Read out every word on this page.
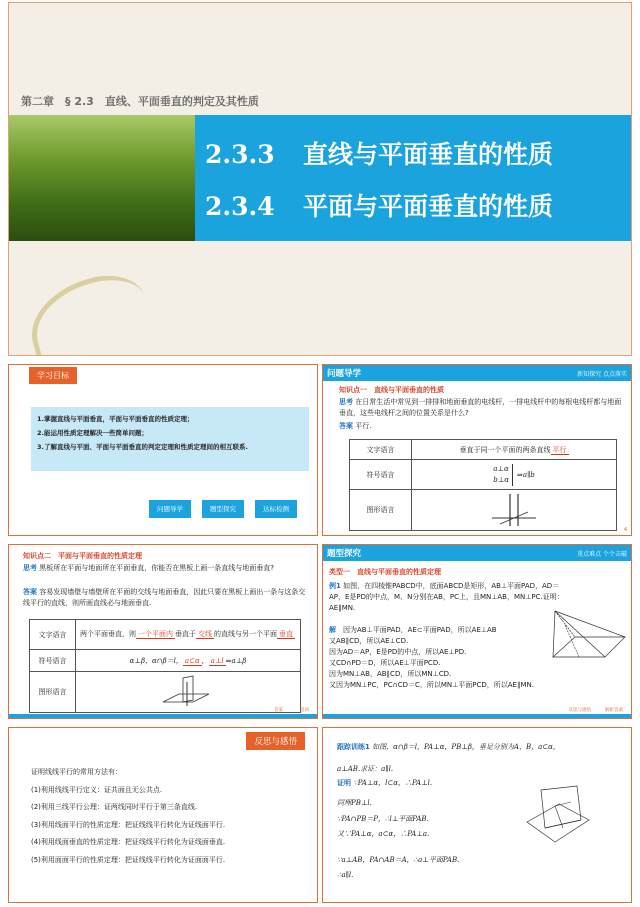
第二章　§ 2.3　直线、平面垂直的判定及其性质
2.3.3 直线与平面垂直的性质
2.3.4 平面与平面垂直的性质
学习目标
1.掌握直线与平面垂直，平面与平面垂直的性质定理；
2.能运用性质定理解决一些简单问题；
3.了解直线与平面、平面与平面垂直的判定定理和性质定理间的相互联系.
问题导学	题型探究	达标检测
问题导学	新知探究 点点落实
知识点一　直线与平面垂直的性质
思考 在日常生活中常见到一排排和地面垂直的电线杆，一排电线杆中的每根电线杆都与地面垂直，这些电线杆之间的位置关系是什么?
答案 平行.
文字语言	垂直于同一个平面的两条直线 平行
符号语言	a⊥α
b⊥α
⇒a∥b

图形语言	
4
知识点二　平面与平面垂直的性质定理
思考 黑板所在平面与地面所在平面垂直，你能否在黑板上画一条直线与地面垂直?
答案 容易发现墙壁与墙壁所在平面的交线与地面垂直，因此只要在黑板上画出一条与这条交线平行的直线，则所画直线必与地面垂直.
文字语言	两个平面垂直，则 一个平面内 垂直于 交线 的直线与另一个平面 垂直
符号语言	α⊥β，α∩β＝l， a⊂α ， a⊥l ⇒a⊥β
图形语言	
答案	返回
题型探究	重点难点 个个击破
类型一　直线与平面垂直的性质定理
例1 如图，在四棱锥PABCD中，底面ABCD是矩形，AB⊥平面PAD，AD＝AP，E是PD的中点，M、N分别在AB，PC上，且MN⊥AB，MN⊥PC.证明：AE∥MN.
解　 因为AB⊥平面PAD，AE⊂平面PAD，所以AE⊥AB
又AB∥CD，所以AE⊥CD.
因为AD＝AP，E是PD的中点，所以AE⊥PD.
又CD∩PD＝D，所以AE⊥平面PCD.
因为MN⊥AB，AB∥CD，所以MN⊥CD.
又因为MN⊥PC，PC∩CD＝C，所以MN⊥平面PCD，所以AE∥MN.
反思与感悟	解析答案
反思与感悟
证明线线平行的常用方法有：
(1)利用线线平行定义：证共面且无公共点.
(2)利用三线平行公理：证两线同时平行于第三条直线.
(3)利用线面平行的性质定理：把证线线平行转化为证线面平行.
(4)利用线面垂直的性质定理：把证线线平行转化为证线面垂直.
(5)利用面面平行的性质定理：把证线线平行转化为证面面平行.
跟踪训练1 如图，α∩β＝l，PA⊥α，PB⊥β，垂足分别为A、B，a⊂α，
a⊥AB.求证：a∥l.
证明 ∵PA⊥α，l⊂α，∴PA⊥l.
同理PB⊥l.
∵PA∩PB＝P，∴l⊥平面PAB.
又∵PA⊥α，a⊂α，∴PA⊥a.
∵a⊥AB，PA∩AB＝A，∴a⊥平面PAB.
∴a∥l.
